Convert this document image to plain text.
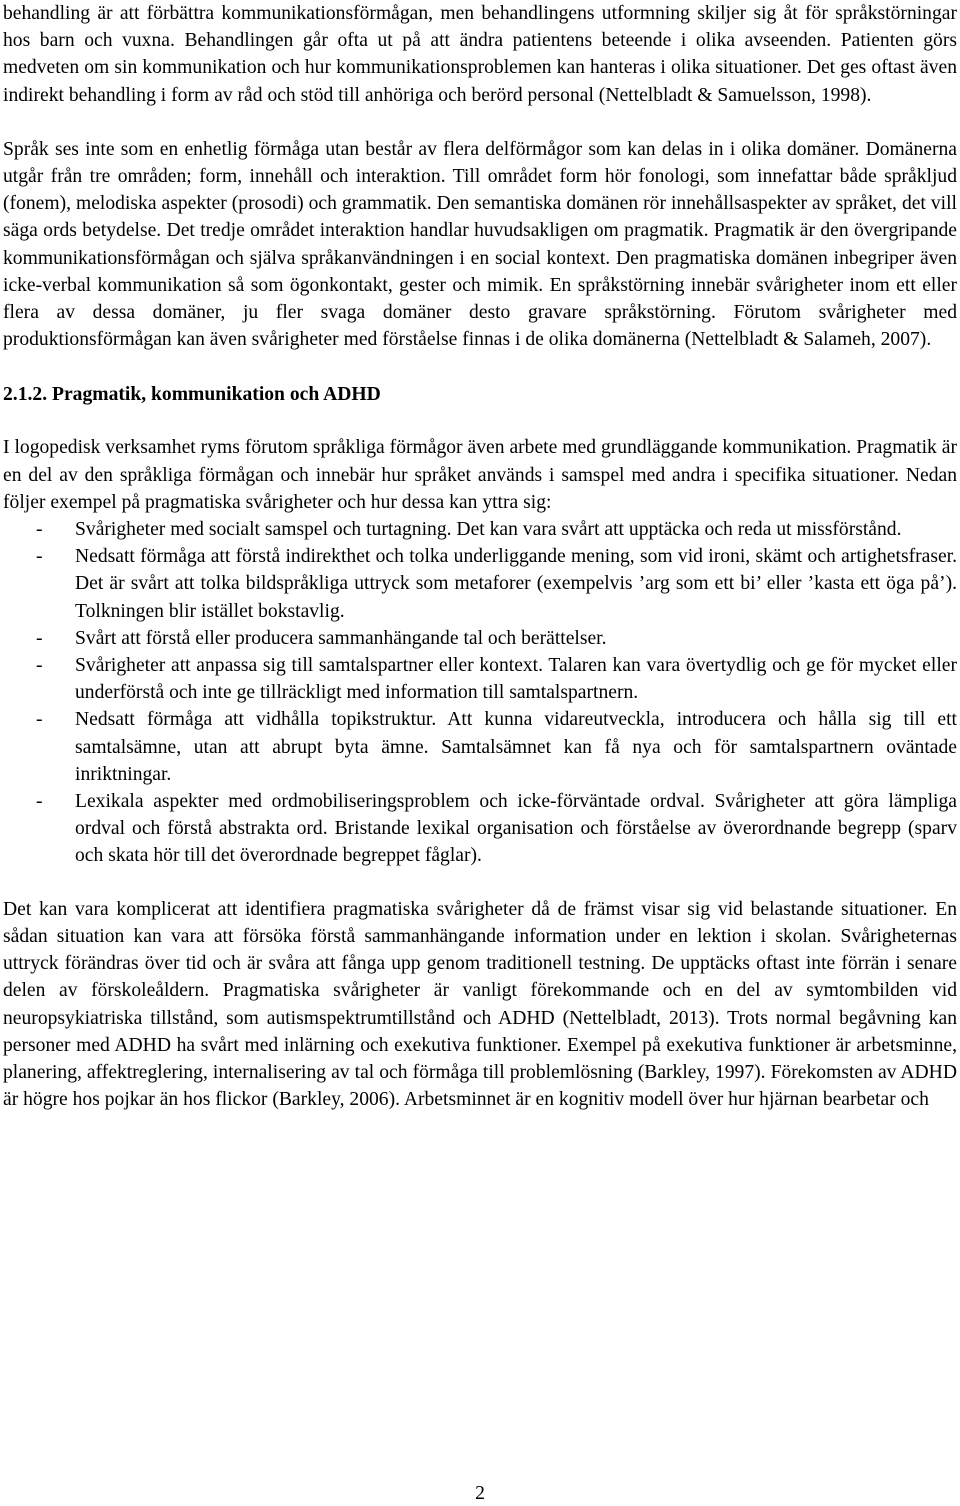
behandling är att förbättra kommunikationsförmågan, men behandlingens utformning skiljer sig åt för språkstörningar hos barn och vuxna. Behandlingen går ofta ut på att ändra patientens beteende i olika avseenden. Patienten görs medveten om sin kommunikation och hur kommunikationsproblemen kan hanteras i olika situationer. Det ges oftast även indirekt behandling i form av råd och stöd till anhöriga och berörd personal (Nettelbladt & Samuelsson, 1998).

Språk ses inte som en enhetlig förmåga utan består av flera delförmågor som kan delas in i olika domäner. Domänerna utgår från tre områden; form, innehåll och interaktion. Till området form hör fonologi, som innefattar både språkljud (fonem), melodiska aspekter (prosodi) och grammatik. Den semantiska domänen rör innehållsaspekter av språket, det vill säga ords betydelse. Det tredje området interaktion handlar huvudsakligen om pragmatik. Pragmatik är den övergripande kommunikationsförmågan och själva språkanvändningen i en social kontext. Den pragmatiska domänen inbegriper även icke-verbal kommunikation så som ögonkontakt, gester och mimik. En språkstörning innebär svårigheter inom ett eller flera av dessa domäner, ju fler svaga domäner desto gravare språkstörning. Förutom svårigheter med produktionsförmågan kan även svårigheter med förståelse finnas i de olika domänerna (Nettelbladt & Salameh, 2007).

2.1.2. Pragmatik, kommunikation och ADHD

I logopedisk verksamhet ryms förutom språkliga förmågor även arbete med grundläggande kommunikation. Pragmatik är en del av den språkliga förmågan och innebär hur språket används i samspel med andra i specifika situationer. Nedan följer exempel på pragmatiska svårigheter och hur dessa kan yttra sig:

- Svårigheter med socialt samspel och turtagning. Det kan vara svårt att upptäcka och reda ut missförstånd.
- Nedsatt förmåga att förstå indirekthet och tolka underliggande mening, som vid ironi, skämt och artighetsfraser. Det är svårt att tolka bildspråkliga uttryck som metaforer (exempelvis ’arg som ett bi’ eller ’kasta ett öga på’). Tolkningen blir istället bokstavlig.
- Svårt att förstå eller producera sammanhängande tal och berättelser.
- Svårigheter att anpassa sig till samtalspartner eller kontext. Talaren kan vara övertydlig och ge för mycket eller underförstå och inte ge tillräckligt med information till samtalspartnern.
- Nedsatt förmåga att vidhålla topikstruktur. Att kunna vidareutveckla, introducera och hålla sig till ett samtalsämne, utan att abrupt byta ämne. Samtalsämnet kan få nya och för samtalspartnern oväntade inriktningar.
- Lexikala aspekter med ordmobiliseringsproblem och icke-förväntade ordval. Svårigheter att göra lämpliga ordval och förstå abstrakta ord. Bristande lexikal organisation och förståelse av överordnande begrepp (sparv och skata hör till det överordnade begreppet fåglar).

Det kan vara komplicerat att identifiera pragmatiska svårigheter då de främst visar sig vid belastande situationer. En sådan situation kan vara att försöka förstå sammanhängande information under en lektion i skolan. Svårigheternas uttryck förändras över tid och är svåra att fånga upp genom traditionell testning. De upptäcks oftast inte förrän i senare delen av förskoleåldern. Pragmatiska svårigheter är vanligt förekommande och en del av symtombilden vid neuropsykiatriska tillstånd, som autismspektrumtillstånd och ADHD (Nettelbladt, 2013). Trots normal begåvning kan personer med ADHD ha svårt med inlärning och exekutiva funktioner. Exempel på exekutiva funktioner är arbetsminne, planering, affektreglering, internalisering av tal och förmåga till problemlösning (Barkley, 1997). Förekomsten av ADHD är högre hos pojkar än hos flickor (Barkley, 2006). Arbetsminnet är en kognitiv modell över hur hjärnan bearbetar och

2
